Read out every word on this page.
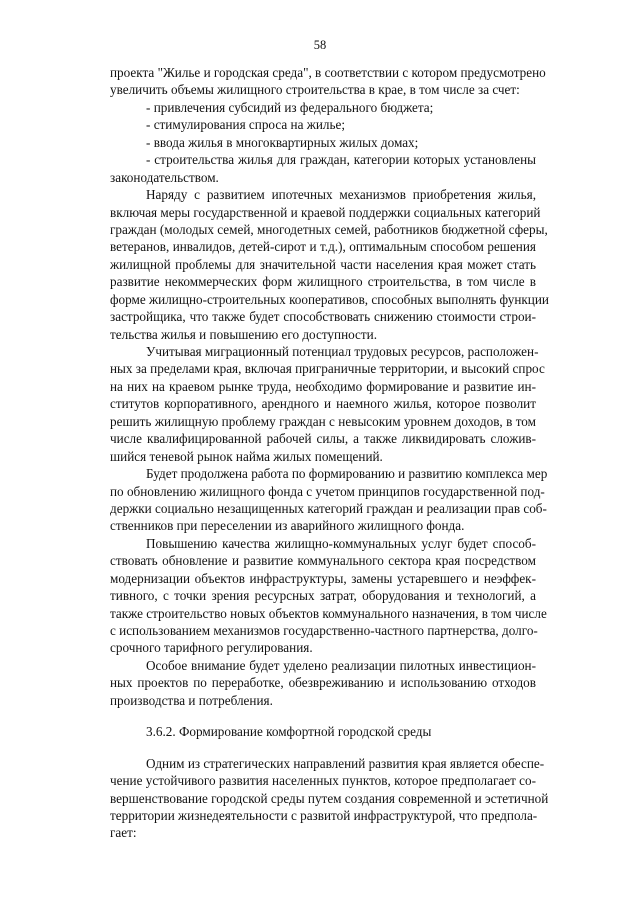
58
проекта "Жилье и городская среда", в соответствии с котором предусмотрено
увеличить объемы жилищного строительства в крае, в том числе за счет:
- привлечения субсидий из федерального бюджета;
- стимулирования спроса на жилье;
- ввода жилья в многоквартирных жилых домах;
- строительства жилья для граждан, категории которых установлены
законодательством.
Наряду с развитием ипотечных механизмов приобретения жилья,
включая меры государственной и краевой поддержки социальных категорий
граждан (молодых семей, многодетных семей, работников бюджетной сферы,
ветеранов, инвалидов, детей-сирот и т.д.), оптимальным способом решения
жилищной проблемы для значительной части населения края может стать
развитие некоммерческих форм жилищного строительства, в том числе в
форме жилищно-строительных кооперативов, способных выполнять функции
застройщика, что также будет способствовать снижению стоимости строи-
тельства жилья и повышению его доступности.
Учитывая миграционный потенциал трудовых ресурсов, расположен-
ных за пределами края, включая приграничные территории, и высокий спрос
на них на краевом рынке труда, необходимо формирование и развитие ин-
ститутов корпоративного, арендного и наемного жилья, которое позволит
решить жилищную проблему граждан с невысоким уровнем доходов, в том
числе квалифицированной рабочей силы, а также ликвидировать сложив-
шийся теневой рынок найма жилых помещений.
Будет продолжена работа по формированию и развитию комплекса мер
по обновлению жилищного фонда с учетом принципов государственной под-
держки социально незащищенных категорий граждан и реализации прав соб-
ственников при переселении из аварийного жилищного фонда.
Повышению качества жилищно-коммунальных услуг будет способ-
ствовать обновление и развитие коммунального сектора края посредством
модернизации объектов инфраструктуры, замены устаревшего и неэффек-
тивного, с точки зрения ресурсных затрат, оборудования и технологий, а
также строительство новых объектов коммунального назначения, в том числе
с использованием механизмов государственно-частного партнерства, долго-
срочного тарифного регулирования.
Особое внимание будет уделено реализации пилотных инвестицион-
ных проектов по переработке, обезвреживанию и использованию отходов
производства и потребления.
3.6.2. Формирование комфортной городской среды
Одним из стратегических направлений развития края является обеспе-
чение устойчивого развития населенных пунктов, которое предполагает со-
вершенствование городской среды путем создания современной и эстетичной
территории жизнедеятельности с развитой инфраструктурой, что предпола-
гает:
